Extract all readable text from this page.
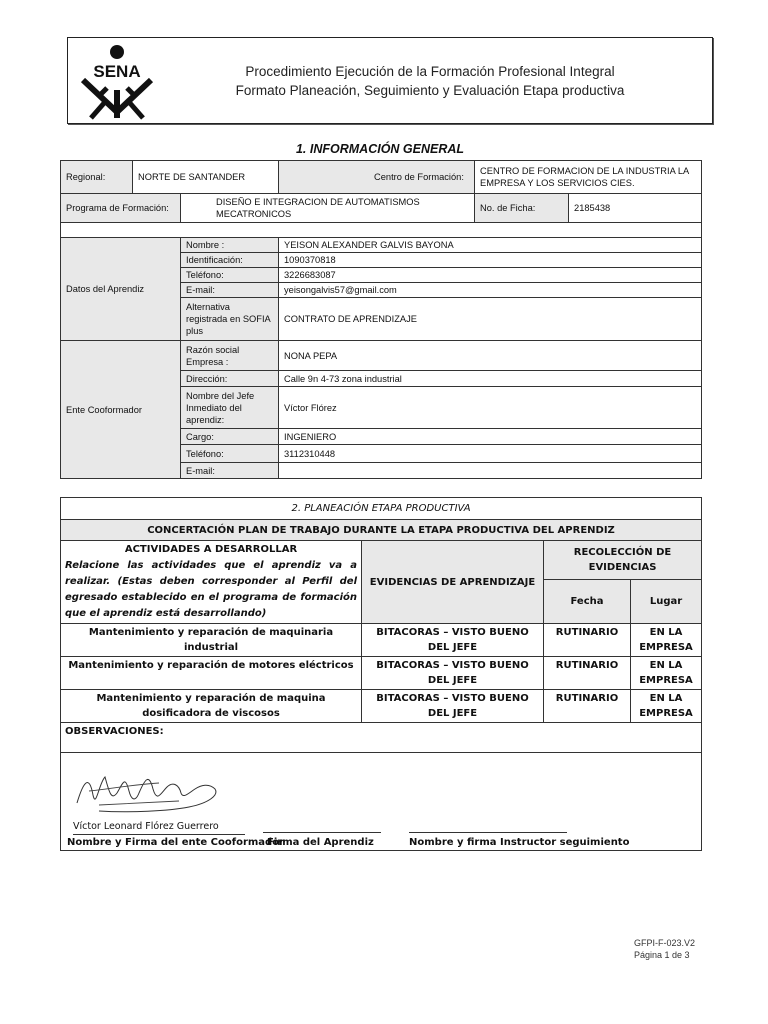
SENA	Procedimiento Ejecución de la Formación Profesional Integral
Formato Planeación, Seguimiento y Evaluación Etapa productiva
1. INFORMACIÓN GENERAL
Regional:	NORTE DE SANTANDER		Centro de Formación:	CENTRO DE FORMACION DE LA INDUSTRIA LA EMPRESA Y LOS SERVICIOS CIES.	
Programa de Formación:		DISEÑO E INTEGRACION DE AUTOMATISMOS MECATRONICOS		No. de Ficha:	2185438

Datos del Aprendiz		Nombre :	YEISON ALEXANDER GALVIS BAYONA		
		Identificación:	1090370818		
		Teléfono:	3226683087		
		E-mail:	yeisongalvis57@gmail.com		
		Alternativa registrada en SOFIA plus	CONTRATO DE APRENDIZAJE		
Ente Cooformador		Razón social Empresa :	NONA PEPA		
		Dirección:	Calle 9n 4-73 zona industrial		
		Nombre del Jefe Inmediato del aprendiz:	Víctor Flórez		
		Cargo:	INGENIERO		
		Teléfono:	3112310448		
		E-mail:			
2. PLANEACIÓN ETAPA PRODUCTIVA			
CONCERTACIÓN PLAN DE TRABAJO DURANTE LA ETAPA PRODUCTIVA DEL APRENDIZ			

ACTIVIDADES A DESARROLLAR
Relacione las actividades que el aprendiz va a realizar. (Estas deben corresponder al Perfil del egresado establecido en el programa de formación que el aprendiz está desarrollando)	EVIDENCIAS DE APRENDIZAJE	RECOLECCIÓN DE EVIDENCIAS	
		Fecha	Lugar
Mantenimiento y reparación de maquinaria industrial	BITACORAS – VISTO BUENO DEL JEFE	RUTINARIO	EN LA EMPRESA
Mantenimiento y reparación de motores eléctricos	BITACORAS – VISTO BUENO DEL JEFE	RUTINARIO	EN LA EMPRESA
Mantenimiento y reparación de maquina dosificadora de viscosos	BITACORAS – VISTO BUENO DEL JEFE	RUTINARIO	EN LA EMPRESA
OBSERVACIONES:			

Víctor Leonard Flórez Guerrero
Nombre y Firma del ente Cooformador
Firma del Aprendiz Nombre y firma Instructor seguimiento			
GFPI-F-023.V2
Página 1 de 3
